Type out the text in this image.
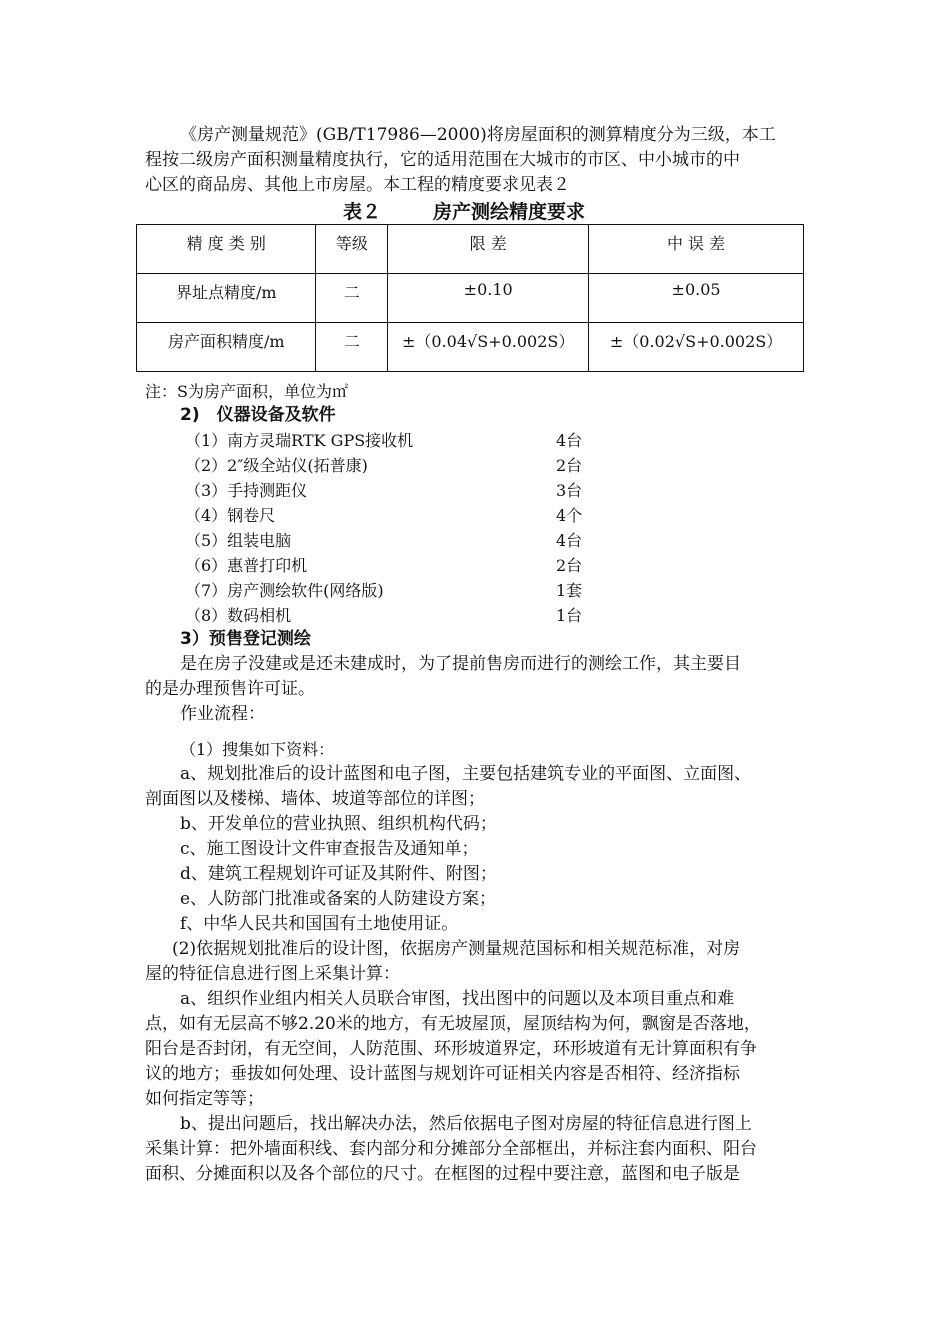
《房产测量规范》(GB/T17986—2000)将房屋面积的测算精度分为三级，本工
程按二级房产面积测量精度执行，它的适用范围在大城市的市区、中小城市的中
心区的商品房、其他上市房屋。本工程的精度要求见表２
表２	房产测绘精度要求
精 度 类 别	等级	限 差	中 误 差

界址点精度/m	二	±0.10	±0.05

房产面积精度/m	二	±（0.04√S+0.002S）	±（0.02√S+0.002S）
注：S为房产面积，单位为㎡
2)　仪器设备及软件
（1）南方灵瑞RTK GPS接收机	4台
（2）2″级全站仪(拓普康)	2台
（3）手持测距仪	3台
（4）钢卷尺	4个
（5）组装电脑	4台
（6）惠普打印机	2台
（7）房产测绘软件(网络版)	1套
（8）数码相机	1台
3）预售登记测绘
是在房子没建或是还未建成时，为了提前售房而进行的测绘工作，其主要目
的是办理预售许可证。
作业流程：
（1）搜集如下资料：
a、规划批准后的设计蓝图和电子图，主要包括建筑专业的平面图、立面图、
剖面图以及楼梯、墙体、坡道等部位的详图；
b、开发单位的营业执照、组织机构代码；
c、施工图设计文件审查报告及通知单；
d、建筑工程规划许可证及其附件、附图；
e、人防部门批准或备案的人防建设方案；
f、中华人民共和国国有土地使用证。
(2)依据规划批准后的设计图，依据房产测量规范国标和相关规范标准，对房
屋的特征信息进行图上采集计算：
a、组织作业组内相关人员联合审图，找出图中的问题以及本项目重点和难
点，如有无层高不够2.20米的地方，有无坡屋顶，屋顶结构为何，飘窗是否落地，
阳台是否封闭，有无空间，人防范围、环形坡道界定，环形坡道有无计算面积有争
议的地方；垂拔如何处理、设计蓝图与规划许可证相关内容是否相符、经济指标
如何指定等等；
b、提出问题后，找出解决办法，然后依据电子图对房屋的特征信息进行图上
采集计算：把外墙面积线、套内部分和分摊部分全部框出，并标注套内面积、阳台
面积、分摊面积以及各个部位的尺寸。在框图的过程中要注意，蓝图和电子版是
